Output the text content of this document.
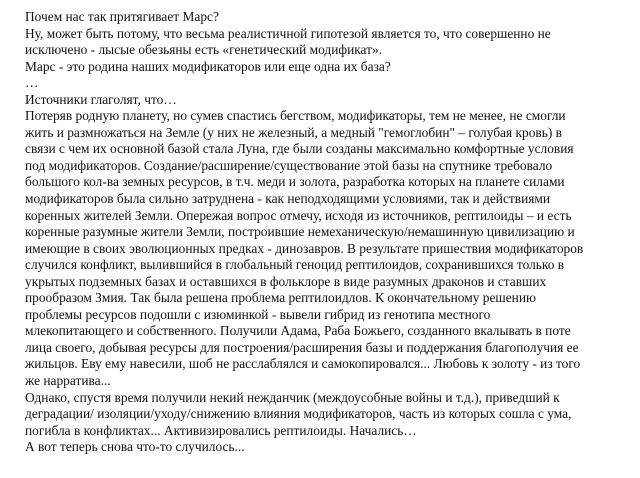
Почем нас так притягивает Марс?
Ну, может быть потому, что весьма реалистичной гипотезой является то, что совершенно не
исключено - лысые обезьяны есть «генетический модификат».
Марс - это родина наших модификаторов или еще одна их база?
…
Источники глаголят, что…
Потеряв родную планету, но сумев спастись бегством, модификаторы, тем не менее, не смогли
жить и размножаться на Земле (у них не железный, а медный "гемоглобин" – голубая кровь) в
связи с чем их основной базой стала Луна, где были созданы максимально комфортные условия
под модификаторов. Создание/расширение/существование этой базы на спутнике требовало
большого кол-ва земных ресурсов, в т.ч. меди и золота, разработка которых на планете силами
модификаторов была сильно затруднена - как неподходящими условиями, так и действиями
коренных жителей Земли. Опережая вопрос отмечу, исходя из источников, рептилоиды – и есть
коренные разумные жители Земли, построившие немеханическую/немашинную цивилизацию и
имеющие в своих эволюционных предках - динозавров. В результате пришествия модификаторов
случился конфликт, вылившийся в глобальный геноцид рептилоидов, сохранившихся только в
укрытых подземных базах и оставшихся в фольклоре в виде разумных драконов и ставших
прообразом Змия. Так была решена проблема рептилоидлов. К окончательному решению
проблемы ресурсов подошли с изюминкой - вывели гибрид из генотипа местного
млекопитающего и собственного. Получили Адама, Раба Божьего, созданного вкалывать в поте
лица своего, добывая ресурсы для построения/расширения базы и поддержания благополучия ее
жильцов. Еву ему навесили, шоб не расслаблялся и самокопировался... Любовь к золоту - из того
же нарратива...
Однако, спустя время получили некий нежданчик (междоусобные войны и т.д.), приведший к
деградации/ изоляции/уходу/снижению влияния модификаторов, часть из которых сошла с ума,
погибла в конфликтах... Активизировались рептилоиды. Начались…
А вот теперь снова что-то случилось...
